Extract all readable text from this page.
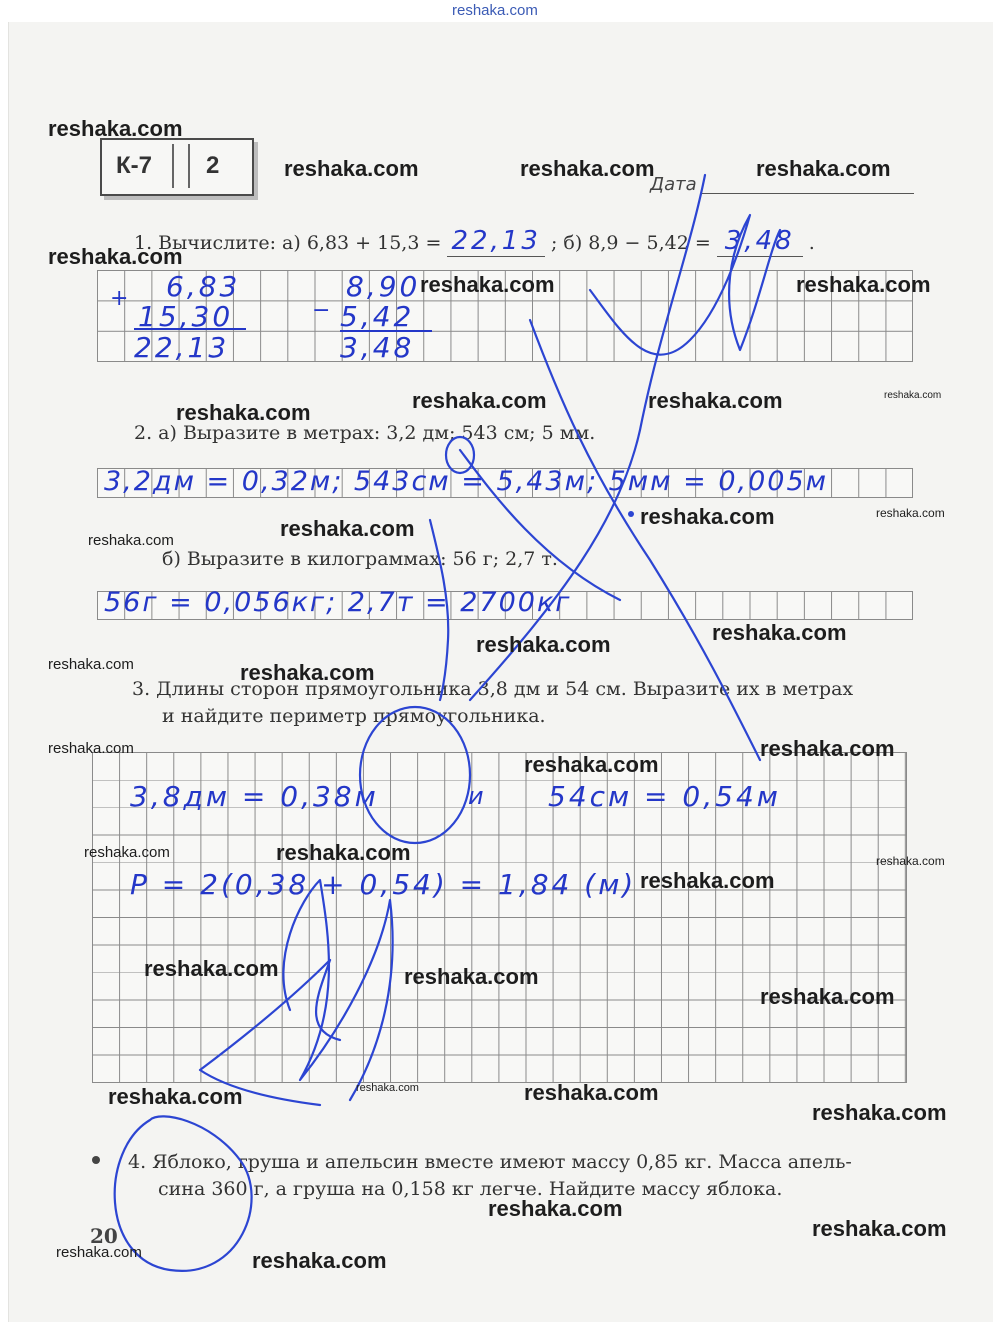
reshaka.com
К-7 2
Дата
1. Вычислите: а) 6,83 + 15,3 = 22,13 ; б) 8,9 − 5,42 = 3,48 .
+ 6,83
15,30
22,13
−
8,90
5,42
3,48
2. а) Выразите в метрах: 3,2 дм; 543 см; 5 мм.
3,2дм = 0,32м; 543см = 5,43м; 5мм = 0,005м
б) Выразите в килограммах: 56 г; 2,7 т.
56г = 0,056кг; 2,7т = 2700кг
3. Длины сторон прямоугольника 3,8 дм и 54 см. Выразите их в метрах
и найдите периметр прямоугольника.
3,8дм = 0,38м	и 54см = 0,54м
P = 2(0,38 + 0,54) = 1,84 (м)
4. Яблоко, груша и апельсин вместе имеют массу 0,85 кг. Масса апель-
сина 360 г, а груша на 0,158 кг легче. Найдите массу яблока.
20
reshaka.com
reshaka.com	reshaka.com	reshaka.com
reshaka.com
reshaka.com	reshaka.com
reshaka.com	reshaka.com	reshaka.com	reshaka.com
reshaka.com	reshaka.com
reshaka.com
reshaka.com
reshaka.com	reshaka.com
reshaka.com	reshaka.com
reshaka.com
reshaka.com
reshaka.com
reshaka.com	reshaka.com
reshaka.com
reshaka.com
reshaka.com	reshaka.com
reshaka.com
reshaka.com	reshaka.com	reshaka.com
reshaka.com
reshaka.com
reshaka.com
reshaka.com	reshaka.com
